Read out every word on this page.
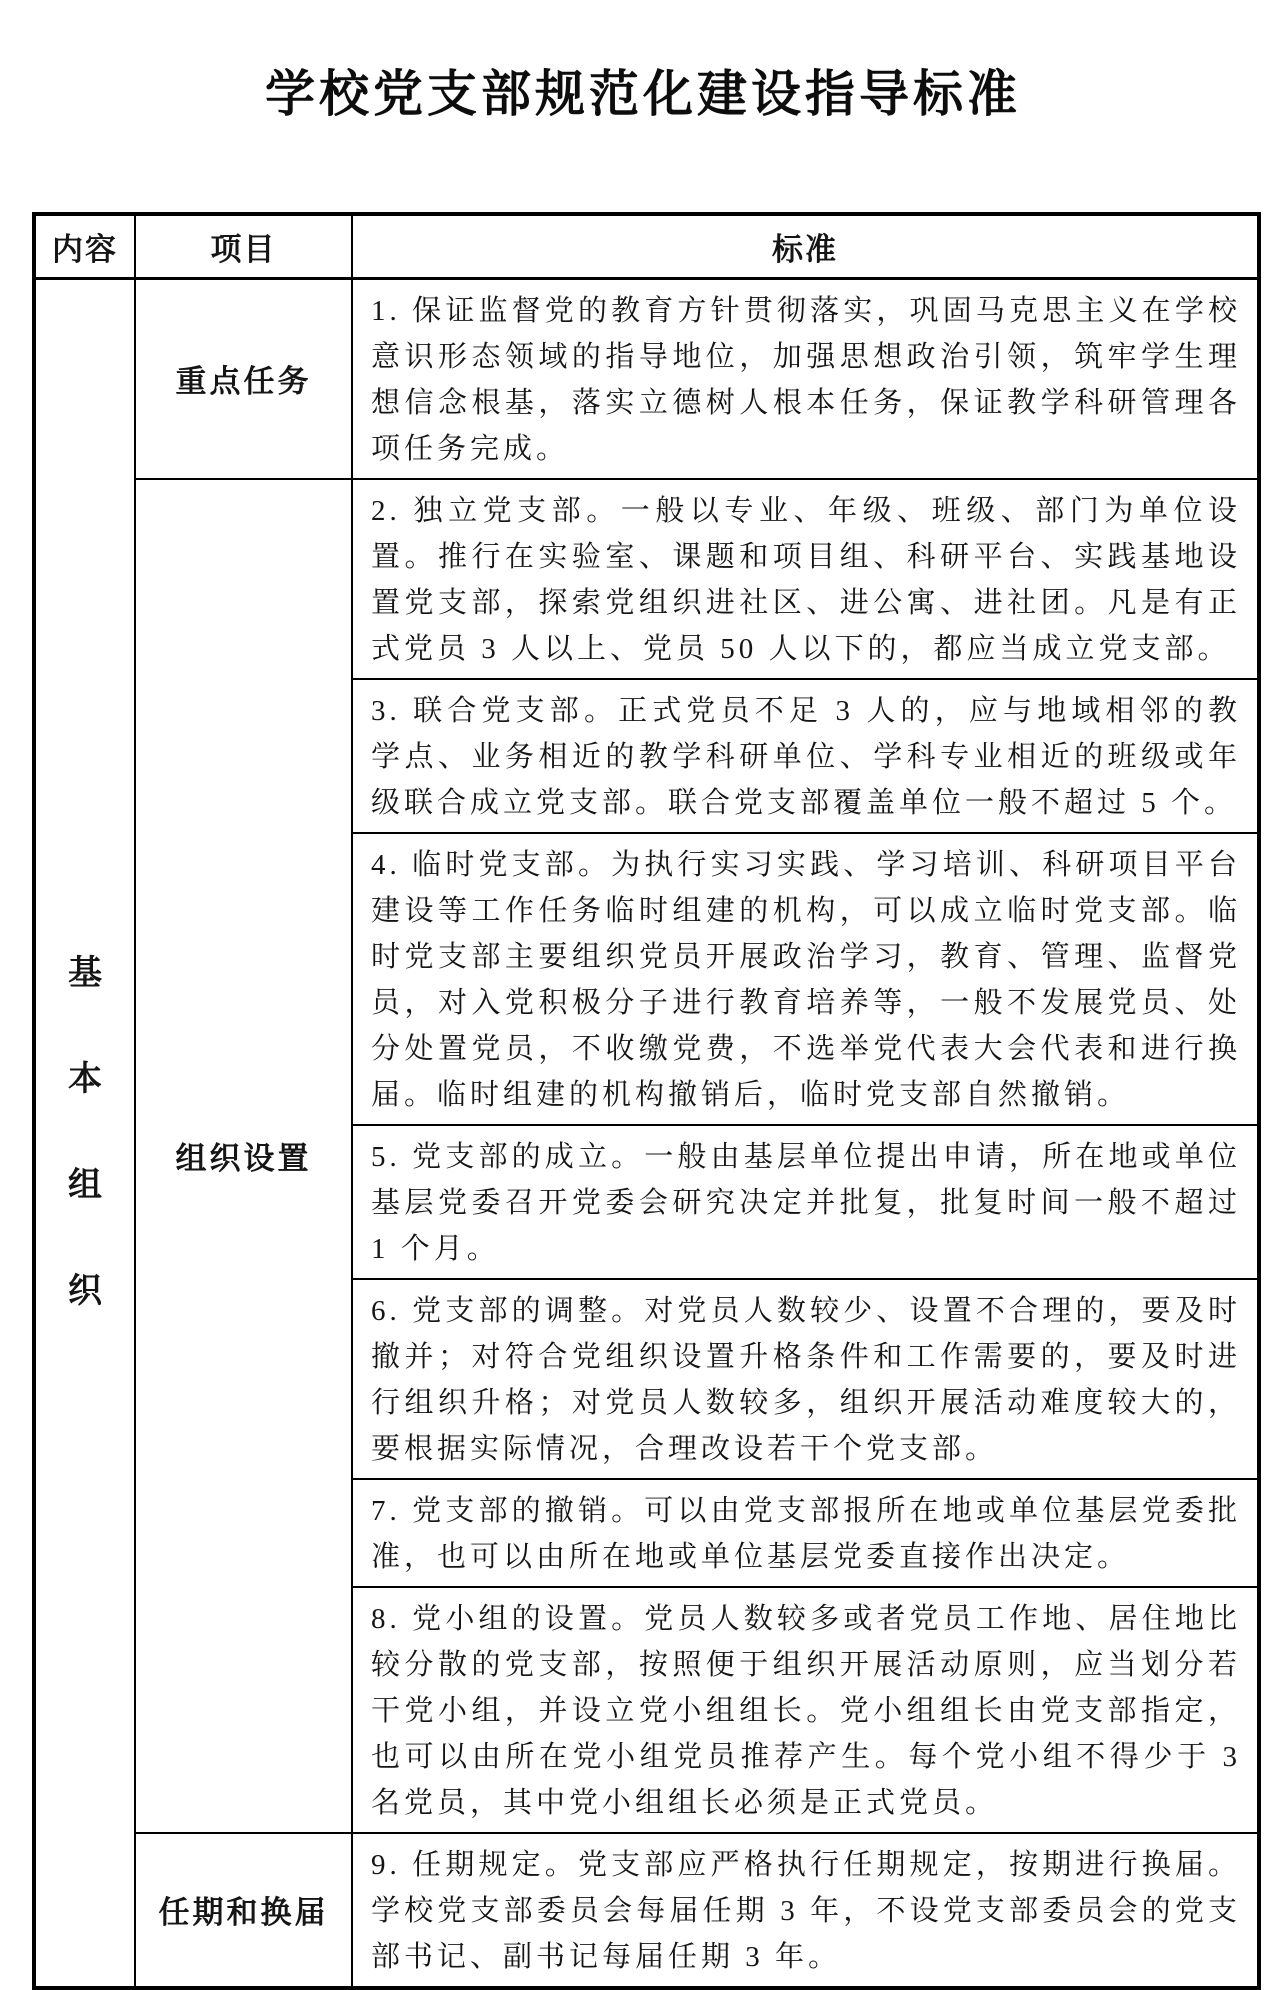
学校党支部规范化建设指导标准
内容	项目	标准

基
本
组
织	重点任务	1. 保证监督党的教育方针贯彻落实，巩固马克思主义在学校意识形态领域的指导地位，加强思想政治引领，筑牢学生理想信念根基，落实立德树人根本任务，保证教学科研管理各项任务完成。
	组织设置	2. 独立党支部。一般以专业、年级、班级、部门为单位设置。推行在实验室、课题和项目组、科研平台、实践基地设置党支部，探索党组织进社区、进公寓、进社团。凡是有正式党员 3 人以上、党员 50 人以下的，都应当成立党支部。
		3. 联合党支部。正式党员不足 3 人的，应与地域相邻的教学点、业务相近的教学科研单位、学科专业相近的班级或年级联合成立党支部。联合党支部覆盖单位一般不超过 5 个。
		4. 临时党支部。为执行实习实践、学习培训、科研项目平台建设等工作任务临时组建的机构，可以成立临时党支部。临时党支部主要组织党员开展政治学习，教育、管理、监督党员，对入党积极分子进行教育培养等，一般不发展党员、处分处置党员，不收缴党费，不选举党代表大会代表和进行换届。临时组建的机构撤销后，临时党支部自然撤销。
		5. 党支部的成立。一般由基层单位提出申请，所在地或单位基层党委召开党委会研究决定并批复，批复时间一般不超过 1 个月。
		6. 党支部的调整。对党员人数较少、设置不合理的，要及时撤并；对符合党组织设置升格条件和工作需要的，要及时进行组织升格；对党员人数较多，组织开展活动难度较大的，要根据实际情况，合理改设若干个党支部。
		7. 党支部的撤销。可以由党支部报所在地或单位基层党委批准，也可以由所在地或单位基层党委直接作出决定。
		8. 党小组的设置。党员人数较多或者党员工作地、居住地比较分散的党支部，按照便于组织开展活动原则，应当划分若干党小组，并设立党小组组长。党小组组长由党支部指定，也可以由所在党小组党员推荐产生。每个党小组不得少于 3 名党员，其中党小组组长必须是正式党员。
	任期和换届	9. 任期规定。党支部应严格执行任期规定，按期进行换届。学校党支部委员会每届任期 3 年，不设党支部委员会的党支部书记、副书记每届任期 3 年。
